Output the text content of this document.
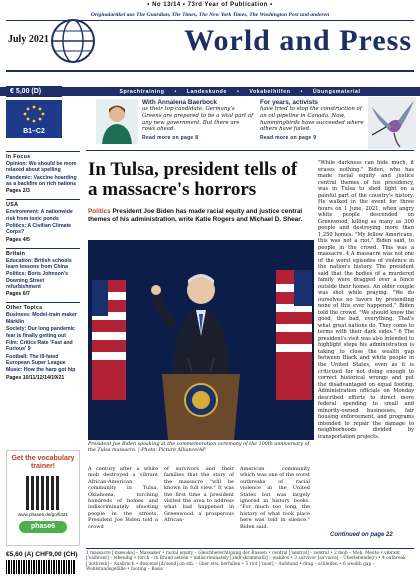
• No 13/14 • 73rd Year of Publication •
Originalartikel aus The Guardian, The Times, The New York Times, The Washington Post und anderen
July 2021	World and Press
Sprachtraining • Landeskunde • Vokabelhilfen • Übungsmaterial
€ 5,00 (D)
B1–C2
With Annalena Baerbock

as their top candidate, Germany's Greens are prepared to be a vital part of any new government. But there are rows ahead.

Read more on page 8
For years, activists

have tried to stop the construction of an oil pipeline in Canada. Now, hummingbirds have succeeded where others have failed.

Read more on page 9
In Focus
Opinion: We should be more relaxed about spelling
Pandemic: Vaccine hoarding as a backfire on rich nations
Pages 2/3
USA
Environment: A nationwide risk from toxic ponds
Politics: A Civilian Climate Corps?
Pages 4/5
Britain
Education: British schools learn lessons from China
Politics: Boris Johnson's Downing Street refurbishment
Pages 6/7
Other Topics
Business: Model-train maker Märklin
Society: Our long pandemic fear is finally getting out
Film: Critics Rate 'Fast and Furious' 9
Football: The ill-fated European Super League
Music: How the harp got hip
Pages 10/11/12/14/19/21
Get the vocabulary trainer!
www.phase6.de/go/fi421
phase6
In Tulsa, president tells of a massacre's horrors
Politics President Joe Biden has made racial equity and justice central themes of his administration, write Katie Rogers and Michael D. Shear.
President Joe Biden speaking at the commemoration ceremony of the 100th anniversary of the Tulsa massacre. | Photo: Picture Alliance/AP
A century after a white mob destroyed a vibrant African-American community in Tulsa, Oklahoma, torching hundreds of homes and indiscriminately shooting people in the streets, President Joe Biden told a crowd
of survivors and their families that the story of the massacre "will be known in full view." It was the first time a president visited the area to address what had happened in Greenwood, a prosperous African-
American community which was one of the worst outbreaks of racial violence in the United States but was largely ignored in history books. "For much too long, the history of what took place here was told in silence," Biden said.
"While darkness can hide much, it erases nothing." Biden, who has made racial equity and justice central themes of his presidency, was in Tulsa to shed light on a painful part of the country's history. He walked in the event for three hours on 1 June, 2021, when angry white people descended on Greenwood, killing as many as 300 people and destroying more than 1,250 homes. "My fellow Americans, this was not a riot," Biden said, to people in the crowd. This was a massacre. 4 A massacre was not one of the worst episodes of violence in the nation's history. The president said that the bodies of a murdered family were dragged over a fence outside their homes. An older couple was shot while praying. "We do ourselves no favors by pretending none of this ever happened," Biden told the crowd. "We should know the good, the bad, everything. That's what great nations do. They come to terms with their dark sides." 6 The president's visit was also intended to highlight steps his administration is taking to close the wealth gap between Black and white people in the United States, even as it is criticized for not doing enough to correct historical wrongs and put the disadvantaged on equal footing. Administration officials on Monday described efforts to direct more federal spending to small and minority-owned businesses, fair housing enforcement, and programs intended to repair the damage to neighborhoods divided by transportation projects.
Continued on page 22
€5,60 (A) CHF9,00 (CH) 1 massacre [ˈmæsəkə] – Massaker • racial equity – Gleichberechtigung der Rassen • central [ˈsentrəl] – zentral • 2 mob – Mob, Meute • vibrant [ˈvaɪbrənt] – lebendig • torch – in Brand setzen • indiscriminately [ˌɪndɪˈskrɪmɪnətli] – wahllos • 3 survivor [səˈvaɪvə] – Überlebende(r) • 4 outbreak [ˈaʊtbreɪk] – Ausbruch • descend [dɪˈsend] on sth. – über etw. herfallen • 5 riot [ˈraɪət] – Aufstand • drag – schleifen • 6 wealth gap – Wohlstandsgefälle • footing – Basis
